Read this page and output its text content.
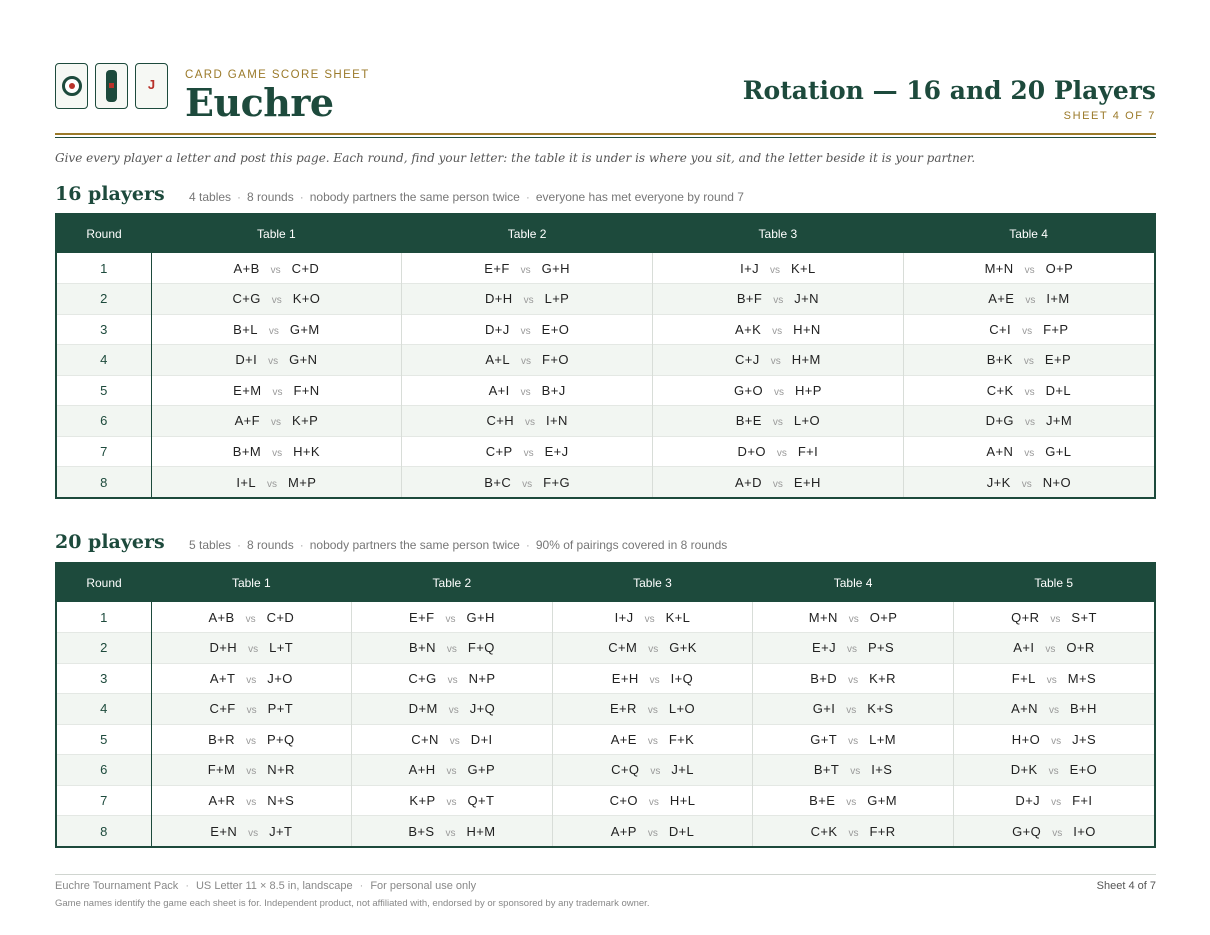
J
CARD GAME SCORE SHEET
Euchre	Rotation — 16 and 20 Players
SHEET 4 OF 7
Give every player a letter and post this page. Each round, find your letter: the table it is under is where you sit, and the letter beside it is your partner.
16 players 4 tables · 8 rounds · nobody partners the same person twice · everyone has met everyone by round 7
Round	Table 1	Table 2	Table 3	Table 4
1	A+B vs C+D	E+F vs G+H	I+J vs K+L	M+N vs O+P
2	C+G vs K+O	D+H vs L+P	B+F vs J+N	A+E vs I+M
3	B+L vs G+M	D+J vs E+O	A+K vs H+N	C+I vs F+P
4	D+I vs G+N	A+L vs F+O	C+J vs H+M	B+K vs E+P
5	E+M vs F+N	A+I vs B+J	G+O vs H+P	C+K vs D+L
6	A+F vs K+P	C+H vs I+N	B+E vs L+O	D+G vs J+M
7	B+M vs H+K	C+P vs E+J	D+O vs F+I	A+N vs G+L
8	I+L vs M+P	B+C vs F+G	A+D vs E+H	J+K vs N+O
20 players 5 tables · 8 rounds · nobody partners the same person twice · 90% of pairings covered in 8 rounds
Round	Table 1	Table 2	Table 3	Table 4	Table 5
1	A+B vs C+D	E+F vs G+H	I+J vs K+L	M+N vs O+P	Q+R vs S+T
2	D+H vs L+T	B+N vs F+Q	C+M vs G+K	E+J vs P+S	A+I vs O+R
3	A+T vs J+O	C+G vs N+P	E+H vs I+Q	B+D vs K+R	F+L vs M+S
4	C+F vs P+T	D+M vs J+Q	E+R vs L+O	G+I vs K+S	A+N vs B+H
5	B+R vs P+Q	C+N vs D+I	A+E vs F+K	G+T vs L+M	H+O vs J+S
6	F+M vs N+R	A+H vs G+P	C+Q vs J+L	B+T vs I+S	D+K vs E+O
7	A+R vs N+S	K+P vs Q+T	C+O vs H+L	B+E vs G+M	D+J vs F+I
8	E+N vs J+T	B+S vs H+M	A+P vs D+L	C+K vs F+R	G+Q vs I+O
Euchre Tournament Pack · US Letter 11 × 8.5 in, landscape · For personal use only	Sheet 4 of 7
Game names identify the game each sheet is for. Independent product, not affiliated with, endorsed by or sponsored by any trademark owner.
